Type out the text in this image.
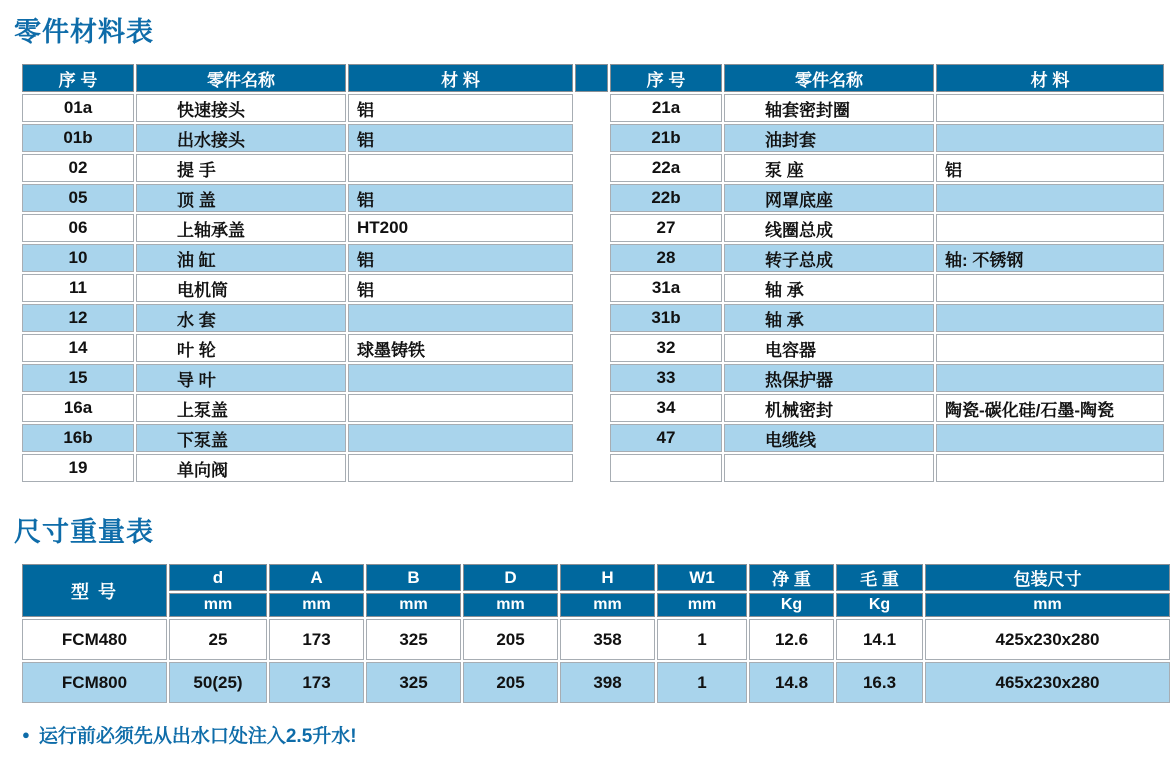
零件材料表
序 号	零件名称	材 料		序 号	零件名称	材 料
01a	快速接头	铝		21a	轴套密封圈	
01b	出水接头	铝		21b	油封套	
02	提 手			22a	泵 座	铝
05	顶 盖	铝		22b	网罩底座	
06	上轴承盖	HT200		27	线圈总成	
10	油 缸	铝		28	转子总成	轴: 不锈钢
11	电机筒	铝		31a	轴 承	
12	水 套			31b	轴 承	
14	叶 轮	球墨铸铁		32	电容器	
15	导 叶			33	热保护器	
16a	上泵盖			34	机械密封	陶瓷-碳化硅/石墨-陶瓷
16b	下泵盖			47	电缆线	
19	单向阀					
尺寸重量表
型 号	d	A	B	D	H	W1	净 重	毛 重	包装尺寸
	mm	mm	mm	mm	mm	mm	Kg	Kg	mm
FCM480	25	173	325	205	358	1	12.6	14.1	425x230x280
FCM800	50(25)	173	325	205	398	1	14.8	16.3	465x230x280
● 运行前必须先从出水口处注入2.5升水!
